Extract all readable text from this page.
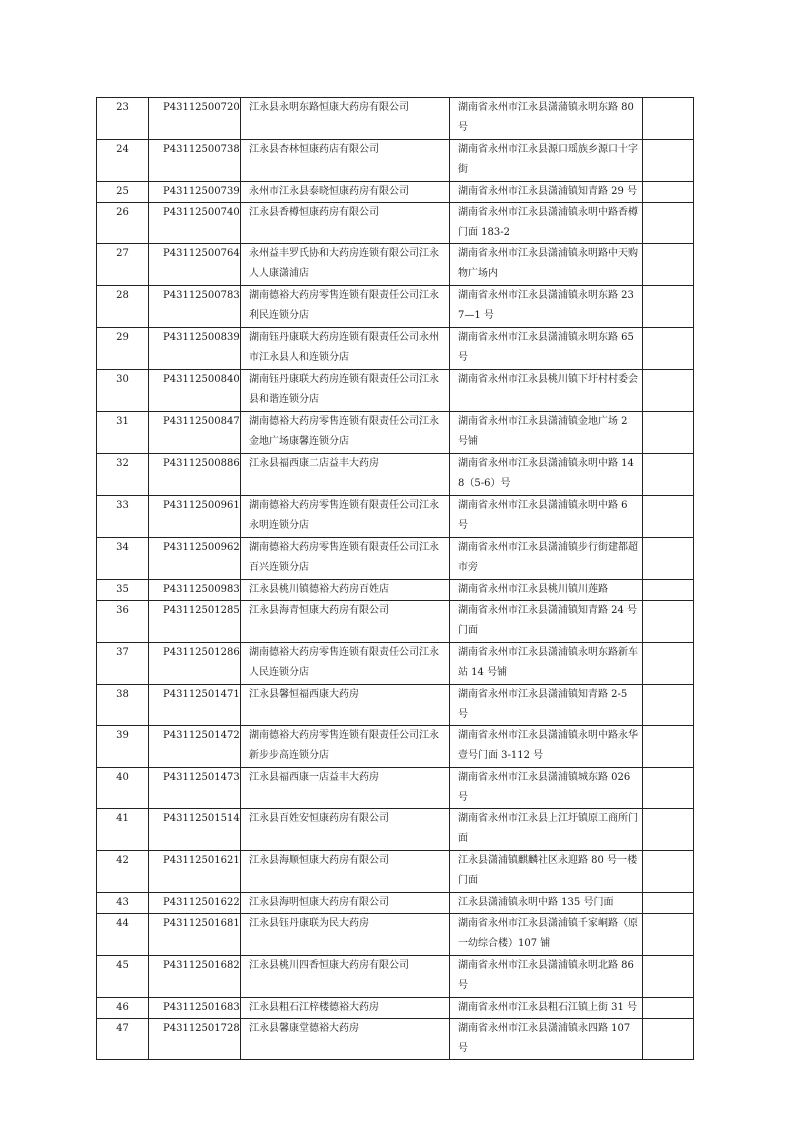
23	P43112500720	江永县永明东路恒康大药房有限公司	湖南省永州市江永县潇蒲镇永明东路 80 号	
24	P43112500738	江永县杏林恒康药店有限公司	湖南省永州市江永县源口瑶族乡源口十字街	
25	P43112500739	永州市江永县泰晓恒康药房有限公司	湖南省永州市江永县潇浦镇知青路 29 号	
26	P43112500740	江永县香樽恒康药房有限公司	湖南省永州市江永县潇浦镇永明中路香樽门面 183-2	
27	P43112500764	永州益丰罗氏协和大药房连锁有限公司江永人人康潇浦店	湖南省永州市江永县潇浦镇永明路中天购物广场内	
28	P43112500783	湖南德裕大药房零售连锁有限责任公司江永利民连锁分店	湖南省永州市江永县潇浦镇永明东路 237—1 号	
29	P43112500839	湖南钰丹康联大药房连锁有限责任公司永州市江永县人和连锁分店	湖南省永州市江永县潇浦镇永明东路 65 号	
30	P43112500840	湖南钰丹康联大药房连锁有限责任公司江永县和谐连锁分店	湖南省永州市江永县桃川镇下圩村村委会	
31	P43112500847	湖南德裕大药房零售连锁有限责任公司江永金地广场康馨连锁分店	湖南省永州市江永县潇浦镇金地广场 2 号铺	
32	P43112500886	江永县福西康二店益丰大药房	湖南省永州市江永县潇浦镇永明中路 148（5-6）号	
33	P43112500961	湖南德裕大药房零售连锁有限责任公司江永永明连锁分店	湖南省永州市江永县潇浦镇永明中路 6 号	
34	P43112500962	湖南德裕大药房零售连锁有限责任公司江永百兴连锁分店	湖南省永州市江永县潇浦镇步行街建都超市旁	
35	P43112500983	江永县桃川镇德裕大药房百姓店	湖南省永州市江永县桃川镇川莲路	
36	P43112501285	江永县海青恒康大药房有限公司	湖南省永州市江永县潇浦镇知青路 24 号门面	
37	P43112501286	湖南德裕大药房零售连锁有限责任公司江永人民连锁分店	湖南省永州市江永县潇浦镇永明东路新车站 14 号铺	
38	P43112501471	江永县馨恒福西康大药房	湖南省永州市江永县潇浦镇知青路 2-5 号	
39	P43112501472	湖南德裕大药房零售连锁有限责任公司江永新步步高连锁分店	湖南省永州市江永县潇浦镇永明中路永华壹号门面 3-112 号	
40	P43112501473	江永县福西康一店益丰大药房	湖南省永州市江永县潇浦镇城东路 026 号	
41	P43112501514	江永县百姓安恒康药房有限公司	湖南省永州市江永县上江圩镇原工商所门面	
42	P43112501621	江永县海顺恒康大药房有限公司	江永县潇浦镇麒麟社区永迎路 80 号一楼门面	
43	P43112501622	江永县海明恒康大药房有限公司	江永县潇浦镇永明中路 135 号门面	
44	P43112501681	江永县钰丹康联为民大药房	湖南省永州市江永县潇浦镇千家峒路（原一幼综合楼）107 铺	
45	P43112501682	江永县桃川四香恒康大药房有限公司	湖南省永州市江永县潇浦镇永明北路 86 号	
46	P43112501683	江永县粗石江梓楼德裕大药房	湖南省永州市江永县粗石江镇上街 31 号	
47	P43112501728	江永县馨康堂德裕大药房	湖南省永州市江永县潇浦镇永四路 107 号	
